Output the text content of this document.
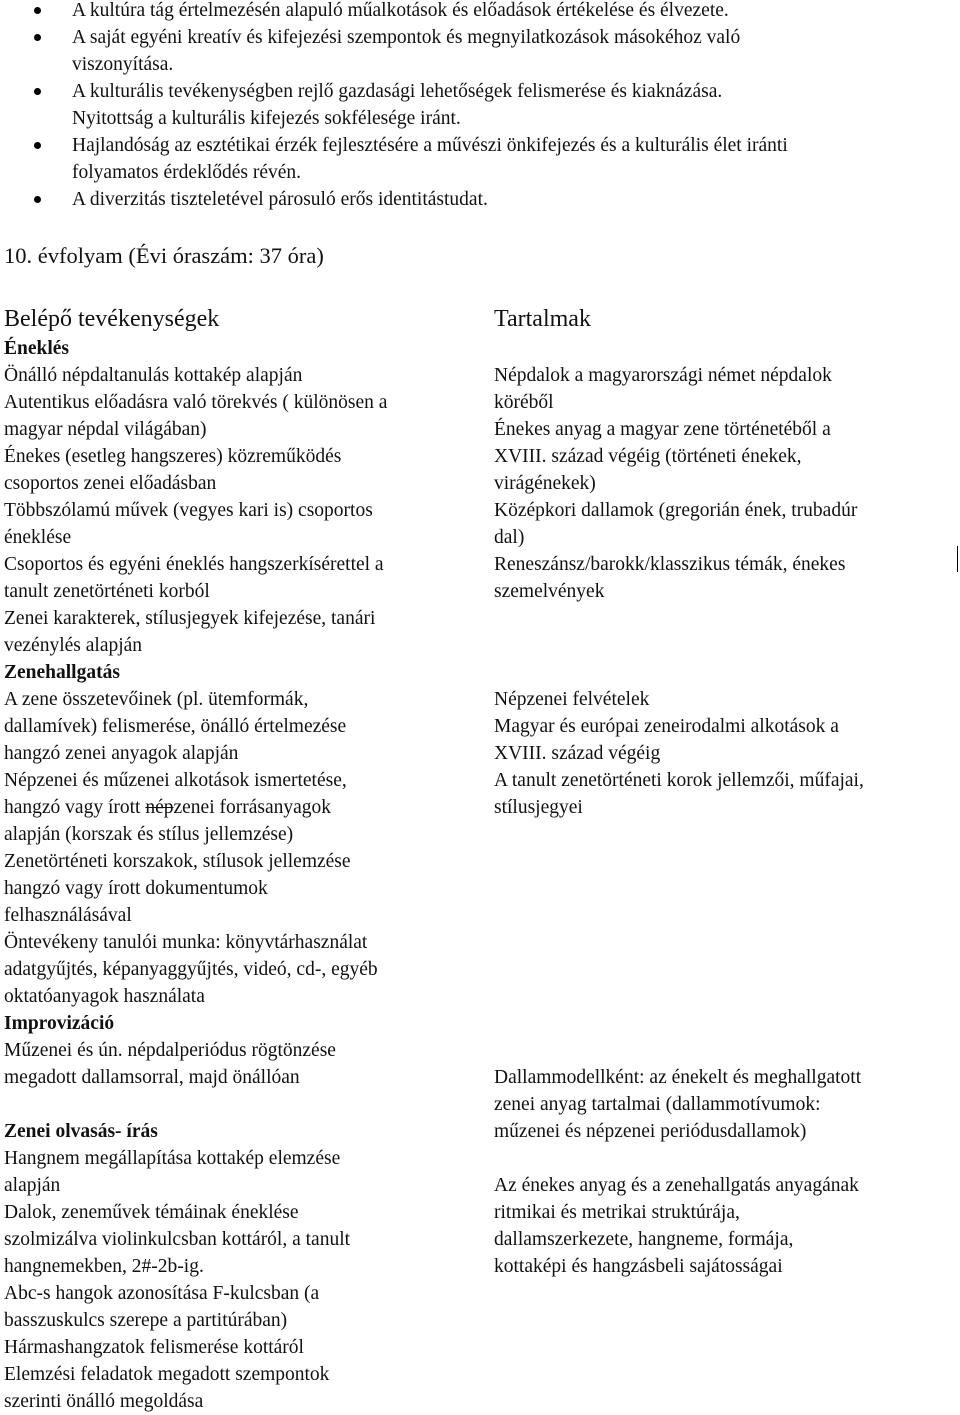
A kultúra tág értelmezésén alapuló műalkotások és előadások értékelése és élvezete.
A saját egyéni kreatív és kifejezési szempontok és megnyilatkozások másokéhoz való
viszonyítása.
A kulturális tevékenységben rejlő gazdasági lehetőségek felismerése és kiaknázása.
Nyitottság a kulturális kifejezés sokfélesége iránt.
Hajlandóság az esztétikai érzék fejlesztésére a művészi önkifejezés és a kulturális élet iránti
folyamatos érdeklődés révén.
A diverzitás tiszteletével párosuló erős identitástudat.
10. évfolyam (Évi óraszám: 37 óra)
Belépő tevékenységek
Éneklés
Önálló népdaltanulás kottakép alapján
Autentikus előadásra való törekvés ( különösen a
magyar népdal világában)
Énekes (esetleg hangszeres) közreműködés
csoportos zenei előadásban
Többszólamú művek (vegyes kari is) csoportos
éneklése
Csoportos és egyéni éneklés hangszerkísérettel a
tanult zenetörténeti korból
Zenei karakterek, stílusjegyek kifejezése, tanári
vezénylés alapján
Zenehallgatás
A zene összetevőinek (pl. ütemformák,
dallamívek) felismerése, önálló értelmezése
hangzó zenei anyagok alapján
Népzenei és műzenei alkotások ismertetése,
hangzó vagy írott népzenei forrásanyagok
alapján (korszak és stílus jellemzése)
Zenetörténeti korszakok, stílusok jellemzése
hangzó vagy írott dokumentumok
felhasználásával
Öntevékeny tanulói munka: könyvtárhasználat
adatgyűjtés, képanyaggyűjtés, videó, cd-, egyéb
oktatóanyagok használata
Improvizáció
Műzenei és ún. népdalperiódus rögtönzése
megadott dallamsorral, majd önállóan
Zenei olvasás- írás
Hangnem megállapítása kottakép elemzése
alapján
Dalok, zeneművek témáinak éneklése
szolmizálva violinkulcsban kottáról, a tanult
hangnemekben, 2#-2b-ig.
Abc-s hangok azonosítása F-kulcsban (a
basszuskulcs szerepe a partitúrában)
Hármashangzatok felismerése kottáról
Elemzési feladatok megadott szempontok
szerinti önálló megoldása
Tartalmak
Népdalok a magyarországi német népdalok
köréből
Énekes anyag a magyar zene történetéből a
XVIII. század végéig (történeti énekek,
virágénekek)
Középkori dallamok (gregorián ének, trubadúr
dal)
Reneszánsz/barokk/klasszikus témák, énekes
szemelvények
Népzenei felvételek
Magyar és európai zeneirodalmi alkotások a
XVIII. század végéig
A tanult zenetörténeti korok jellemzői, műfajai,
stílusjegyei
Dallammodellként: az énekelt és meghallgatott
zenei anyag tartalmai (dallammotívumok:
műzenei és népzenei periódusdallamok)
Az énekes anyag és a zenehallgatás anyagának
ritmikai és metrikai struktúrája,
dallamszerkezete, hangneme, formája,
kottaképi és hangzásbeli sajátosságai
